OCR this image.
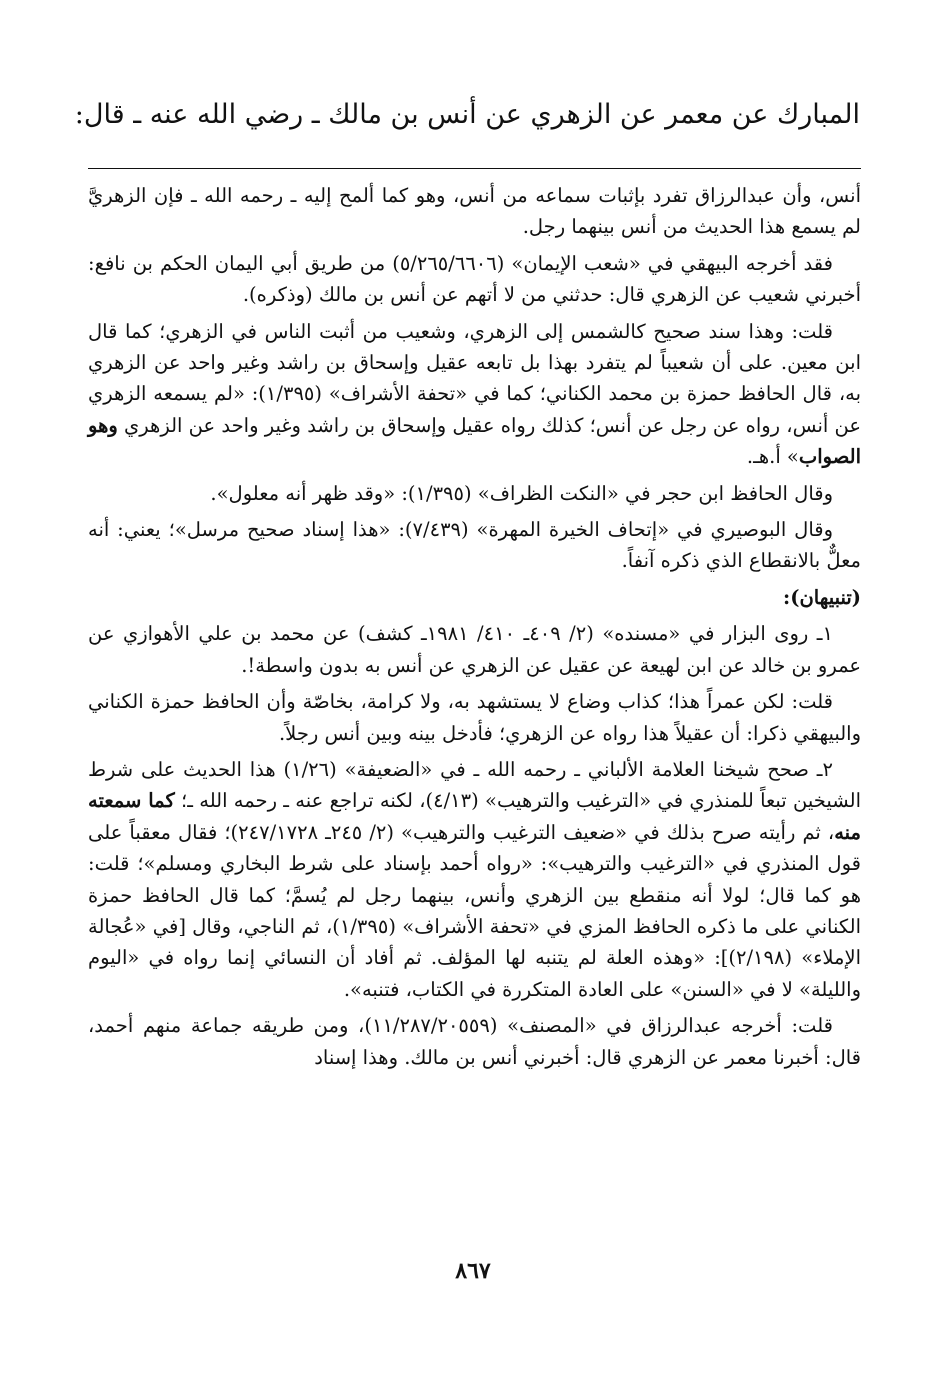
المبارك عن معمر عن الزهري عن أنس بن مالك ـ رضي الله عنه ـ قال:

أنس، وأن عبدالرزاق تفرد بإثبات سماعه من أنس، وهو كما ألمح إليه ـ رحمه الله ـ فإن الزهريَّ لم يسمع هذا الحديث من أنس بينهما رجل.

فقد أخرجه البيهقي في «شعب الإيمان» (٥/٢٦٥/٦٦٠٦) من طريق أبي اليمان الحكم بن نافع: أخبرني شعيب عن الزهري قال: حدثني من لا أتهم عن أنس بن مالك (وذكره).

قلت: وهذا سند صحيح كالشمس إلى الزهري، وشعيب من أثبت الناس في الزهري؛ كما قال ابن معين. على أن شعيباً لم يتفرد بهذا بل تابعه عقيل وإسحاق بن راشد وغير واحد عن الزهري به، قال الحافظ حمزة بن محمد الكناني؛ كما في «تحفة الأشراف» (١/٣٩٥): «لم يسمعه الزهري عن أنس، رواه عن رجل عن أنس؛ كذلك رواه عقيل وإسحاق بن راشد وغير واحد عن الزهري وهو الصواب» أ.هـ.

وقال الحافظ ابن حجر في «النكت الظراف» (١/٣٩٥): «وقد ظهر أنه معلول».

وقال البوصيري في «إتحاف الخيرة المهرة» (٧/٤٣٩): «هذا إسناد صحيح مرسل»؛ يعني: أنه معلٌّ بالانقطاع الذي ذكره آنفاً.

(تنبيهان):

١ـ روى البزار في «مسنده» (٢/ ٤٠٩ـ ٤١٠/ ١٩٨١ـ كشف) عن محمد بن علي الأهوازي عن عمرو بن خالد عن ابن لهيعة عن عقيل عن الزهري عن أنس به بدون واسطة!.

قلت: لكن عمراً هذا؛ كذاب وضاع لا يستشهد به، ولا كرامة، بخاصّة وأن الحافظ حمزة الكناني والبيهقي ذكرا: أن عقيلاً هذا رواه عن الزهري؛ فأدخل بينه وبين أنس رجلاً.

٢ـ صحح شيخنا العلامة الألباني ـ رحمه الله ـ في «الضعيفة» (١/٢٦) هذا الحديث على شرط الشيخين تبعاً للمنذري في «الترغيب والترهيب» (٤/١٣)، لكنه تراجع عنه ـ رحمه الله ـ؛ كما سمعته منه، ثم رأيته صرح بذلك في «ضعيف الترغيب والترهيب» (٢/ ٢٤٥ـ ٢٤٧/١٧٢٨)؛ فقال معقباً على قول المنذري في «الترغيب والترهيب»: «رواه أحمد بإسناد على شرط البخاري ومسلم»؛ قلت: هو كما قال؛ لولا أنه منقطع بين الزهري وأنس، بينهما رجل لم يُسمَّ؛ كما قال الحافظ حمزة الكناني على ما ذكره الحافظ المزي في «تحفة الأشراف» (١/٣٩٥)، ثم الناجي، وقال [في «عُجالة الإملاء» (٢/١٩٨)]: «وهذه العلة لم يتنبه لها المؤلف. ثم أفاد أن النسائي إنما رواه في «اليوم والليلة» لا في «السنن» على العادة المتكررة في الكتاب، فتنبه».

قلت: أخرجه عبدالرزاق في «المصنف» (١١/٢٨٧/٢٠٥٥٩)، ومن طريقه جماعة منهم أحمد، قال: أخبرنا معمر عن الزهري قال: أخبرني أنس بن مالك. وهذا إسناد

٨٦٧
